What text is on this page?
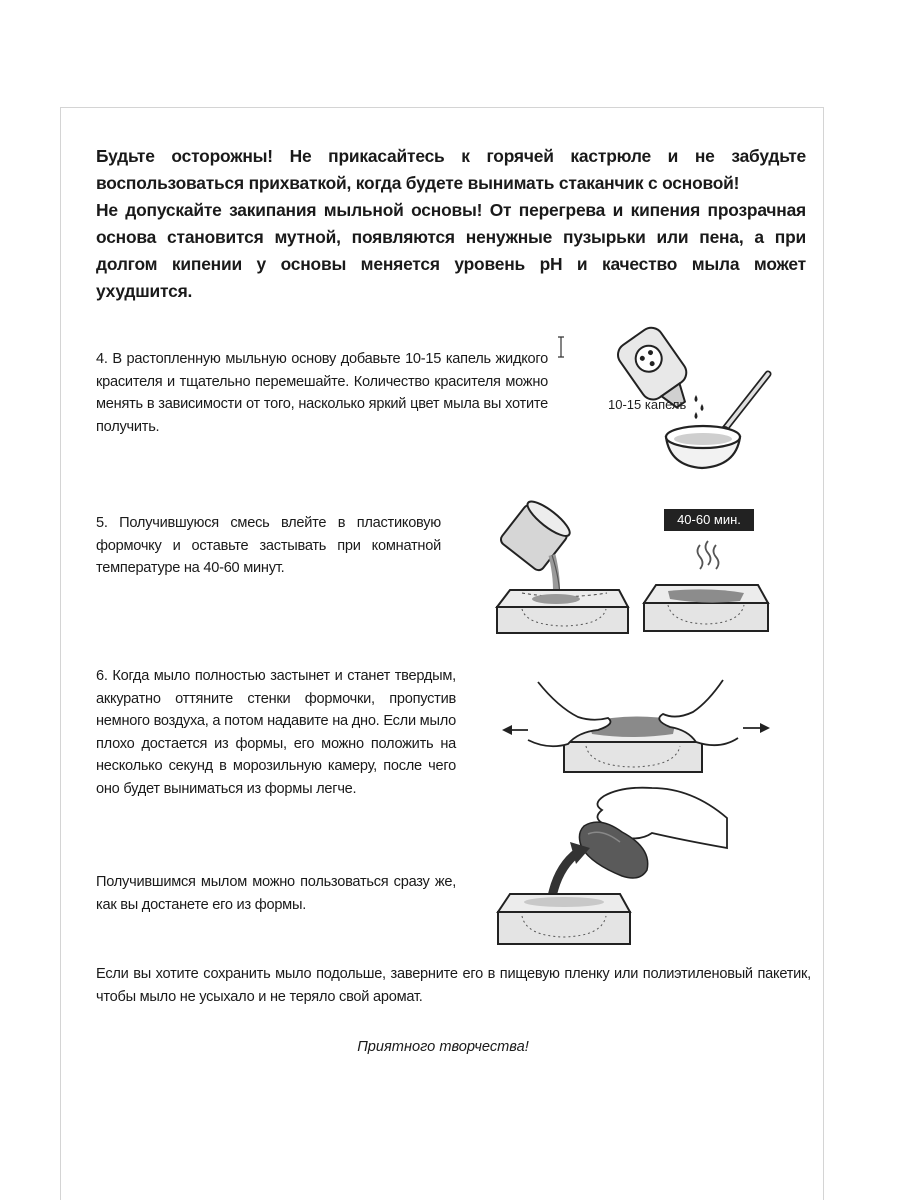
Будьте осторожны! Не прикасайтесь к горячей кастрюле и не забудьте воспользоваться прихваткой, когда будете вынимать стаканчик с основой!

Не допускайте закипания мыльной основы! От перегрева и кипения прозрачная основа становится мутной, появляются ненужные пузырьки или пена, а при долгом кипении у основы меняется уровень pH и качество мыла может ухудшится.

4. В растопленную мыльную основу добавьте 10-15 капель жидкого красителя и тщательно перемешайте. Количество красителя можно менять в зависимости от того, насколько яркий цвет мыла вы хотите получить.

5. Получившуюся смесь влейте в пластиковую формочку и оставьте застывать при комнатной температуре на 40-60 минут.

6. Когда мыло полностью застынет и станет твердым, аккуратно оттяните стенки формочки, пропустив немного воздуха, а потом надавите на дно. Если мыло плохо достается из формы, его можно положить на несколько секунд в морозильную камеру, после чего оно будет выниматься из формы легче.

Получившимся мылом можно пользоваться сразу же, как вы достанете его из формы.

Если вы хотите сохранить мыло подольше, заверните его в пищевую пленку или полиэтиленовый пакетик, чтобы мыло не усыхало и не теряло свой аромат.

Приятного творчества!

10-15 капель
40-60 мин.
